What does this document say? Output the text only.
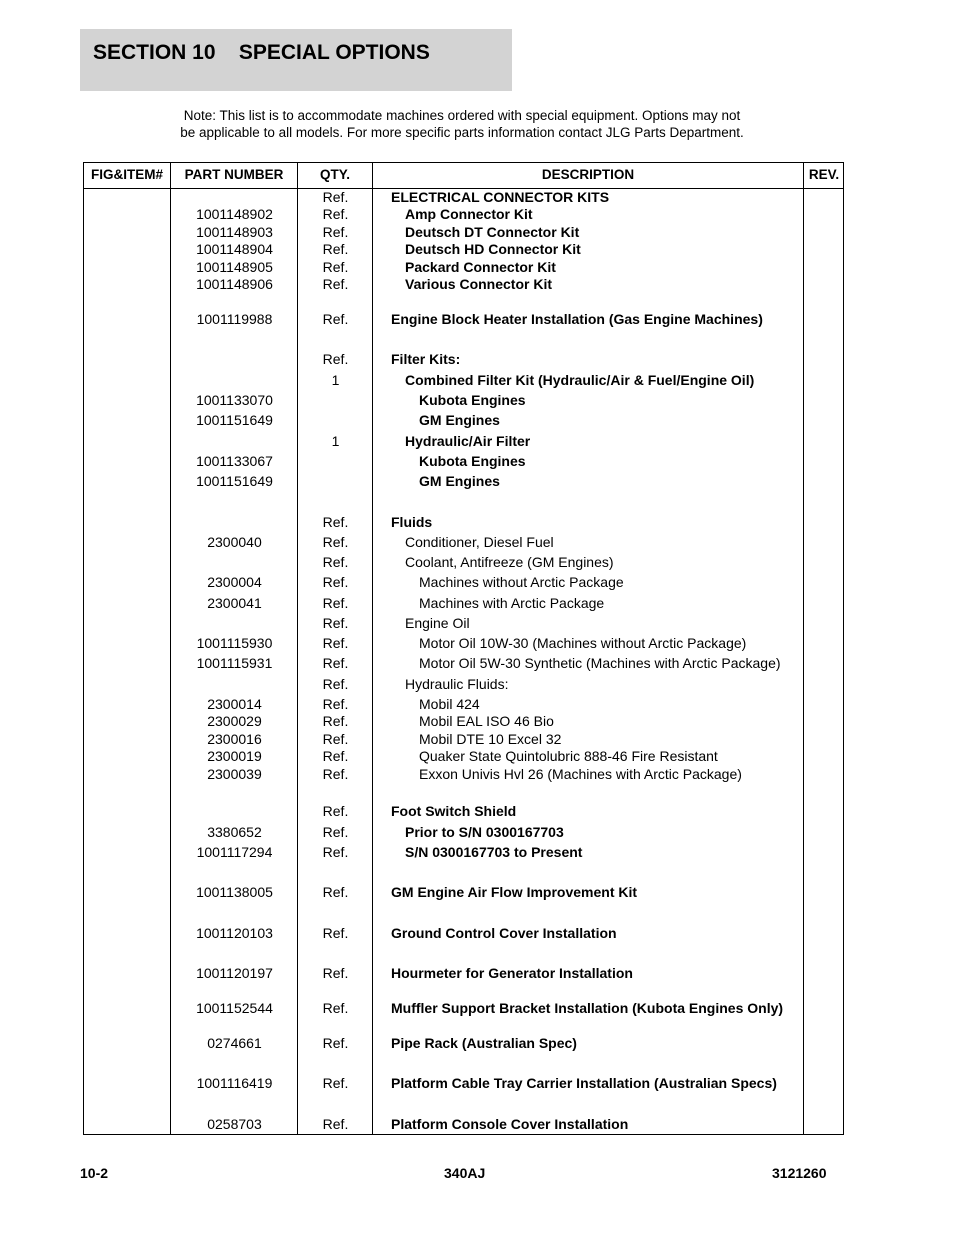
SECTION 10    SPECIAL OPTIONS
Note: This list is to accommodate machines ordered with special equipment. Options may not
be applicable to all models. For more specific parts information contact JLG Parts Department.
FIG&ITEM#	PART NUMBER	QTY.	DESCRIPTION	REV.
Ref.	ELECTRICAL CONNECTOR KITS
1001148902	Ref.	Amp Connector Kit
1001148903	Ref.	Deutsch DT Connector Kit
1001148904	Ref.	Deutsch HD Connector Kit
1001148905	Ref.	Packard Connector Kit
1001148906	Ref.	Various Connector Kit
1001119988	Ref.	Engine Block Heater Installation (Gas Engine Machines)
Ref.	Filter Kits:
1	Combined Filter Kit (Hydraulic/Air & Fuel/Engine Oil)
1001133070	Kubota Engines
1001151649	GM Engines
1	Hydraulic/Air Filter
1001133067	Kubota Engines
1001151649	GM Engines
Ref.	Fluids
2300040	Ref.	Conditioner, Diesel Fuel
Ref.	Coolant, Antifreeze (GM Engines)
2300004	Ref.	Machines without Arctic Package
2300041	Ref.	Machines with Arctic Package
Ref.	Engine Oil
1001115930	Ref.	Motor Oil 10W-30 (Machines without Arctic Package)
1001115931	Ref.	Motor Oil 5W-30 Synthetic (Machines with Arctic Package)
Ref.	Hydraulic Fluids:
2300014	Ref.	Mobil 424
2300029	Ref.	Mobil EAL ISO 46 Bio
2300016	Ref.	Mobil DTE 10 Excel 32
2300019	Ref.	Quaker State Quintolubric 888-46 Fire Resistant
2300039	Ref.	Exxon Univis Hvl 26 (Machines with Arctic Package)
Ref.	Foot Switch Shield
3380652	Ref.	Prior to S/N 0300167703
1001117294	Ref.	S/N 0300167703 to Present
1001138005	Ref.	GM Engine Air Flow Improvement Kit
1001120103	Ref.	Ground Control Cover Installation
1001120197	Ref.	Hourmeter for Generator Installation
1001152544	Ref.	Muffler Support Bracket Installation (Kubota Engines Only)
0274661	Ref.	Pipe Rack (Australian Spec)
1001116419	Ref.	Platform Cable Tray Carrier Installation (Australian Specs)
0258703	Ref.	Platform Console Cover Installation
10-2	340AJ	3121260
